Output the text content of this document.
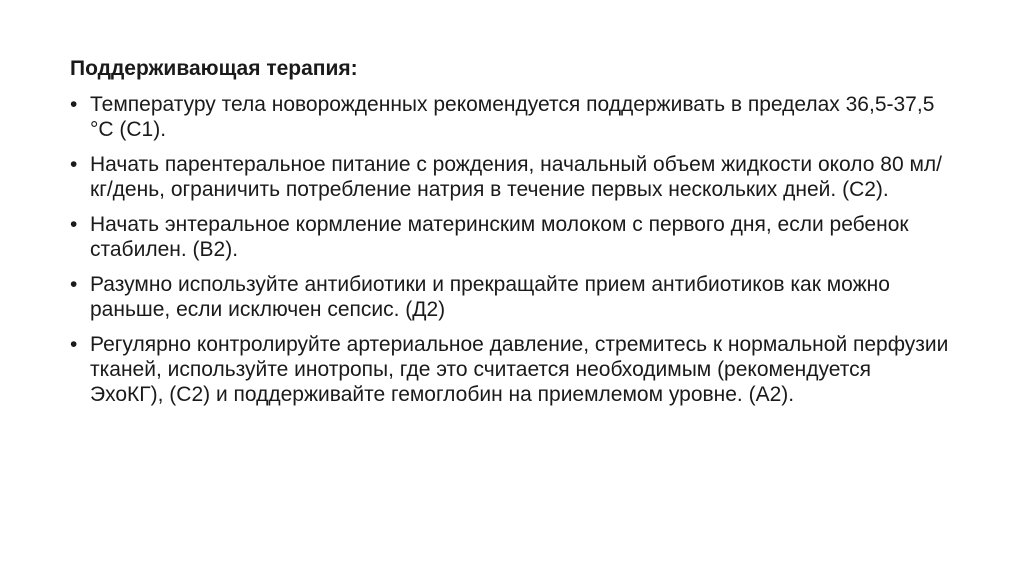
Поддерживающая терапия:
• Температуру тела новорожденных рекомендуется поддерживать в пределах 36,5-37,5 °С (С1).
• Начать парентеральное питание с рождения, начальный объем жидкости около 80 мл/кг/день, ограничить потребление натрия в течение первых нескольких дней. (С2).
• Начать энтеральное кормление материнским молоком с первого дня, если ребенок стабилен. (В2).
• Разумно используйте антибиотики и прекращайте прием антибиотиков как можно раньше, если исключен сепсис. (Д2)
• Регулярно контролируйте артериальное давление, стремитесь к нормальной перфузии тканей, используйте инотропы, где это считается необходимым (рекомендуется ЭхоКГ), (С2) и поддерживайте гемоглобин на приемлемом уровне. (А2).
